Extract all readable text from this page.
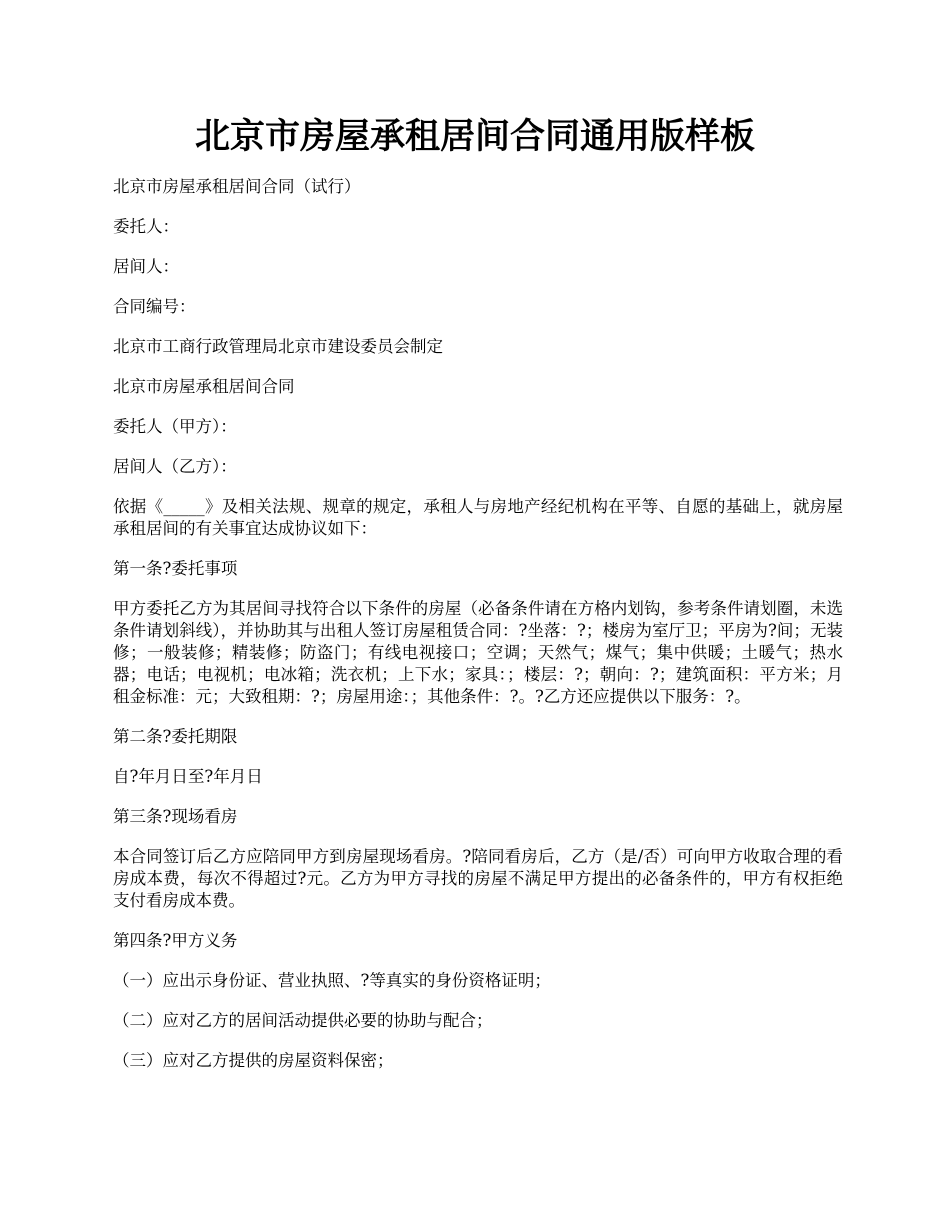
北京市房屋承租居间合同通用版样板

北京市房屋承租居间合同（试行）

委托人：

居间人：

合同编号：

北京市工商行政管理局北京市建设委员会制定

北京市房屋承租居间合同

委托人（甲方）：

居间人（乙方）：

依据《_____》及相关法规、规章的规定，承租人与房地产经纪机构在平等、自愿的基础上，就房屋承租居间的有关事宜达成协议如下：

第一条?委托事项

甲方委托乙方为其居间寻找符合以下条件的房屋（必备条件请在方格内划钩，参考条件请划圈，未选条件请划斜线），并协助其与出租人签订房屋租赁合同：?坐落：?；楼房为室厅卫；平房为?间；无装修；一般装修；精装修；防盗门；有线电视接口；空调；天然气；煤气；集中供暖；土暖气；热水器；电话；电视机；电冰箱；洗衣机；上下水；家具：；楼层：?；朝向：?；建筑面积：平方米；月租金标准：元；大致租期：?；房屋用途：；其他条件：?。?乙方还应提供以下服务：?。

第二条?委托期限

自?年月日至?年月日

第三条?现场看房

本合同签订后乙方应陪同甲方到房屋现场看房。?陪同看房后，乙方（是/否）可向甲方收取合理的看房成本费，每次不得超过?元。乙方为甲方寻找的房屋不满足甲方提出的必备条件的，甲方有权拒绝支付看房成本费。

第四条?甲方义务

（一）应出示身份证、营业执照、?等真实的身份资格证明；

（二）应对乙方的居间活动提供必要的协助与配合；

（三）应对乙方提供的房屋资料保密；
